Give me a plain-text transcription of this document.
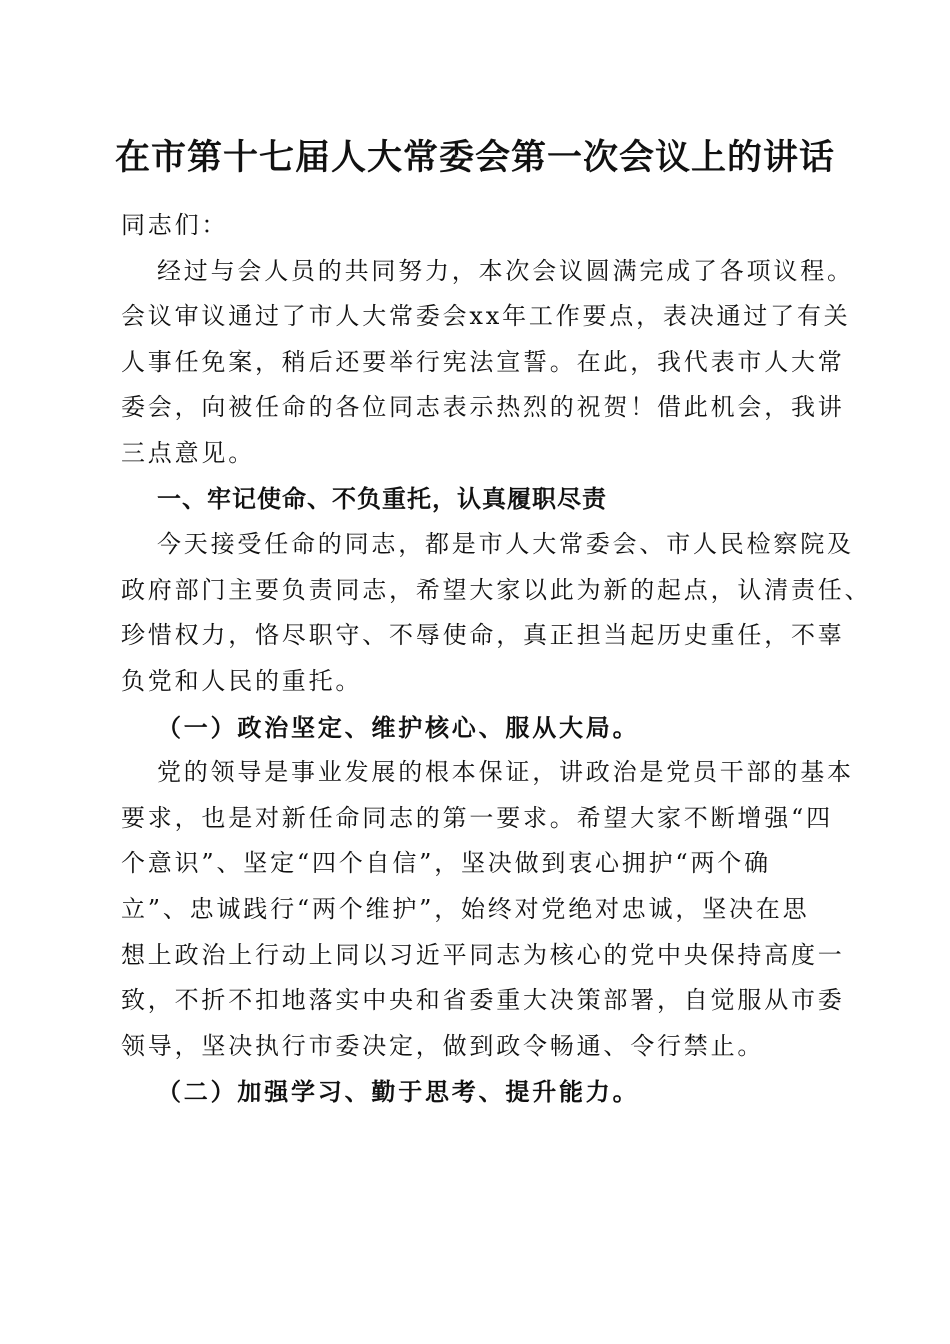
在市第十七届人大常委会第一次会议上的讲话
同志们：
经过与会人员的共同努力，本次会议圆满完成了各项议程。
会议审议通过了市人大常委会xx年工作要点，表决通过了有关
人事任免案，稍后还要举行宪法宣誓。在此，我代表市人大常
委会，向被任命的各位同志表示热烈的祝贺！借此机会，我讲
三点意见。
一、牢记使命、不负重托，认真履职尽责
今天接受任命的同志，都是市人大常委会、市人民检察院及
政府部门主要负责同志，希望大家以此为新的起点，认清责任、
珍惜权力，恪尽职守、不辱使命，真正担当起历史重任，不辜
负党和人民的重托。
（一）政治坚定、维护核心、服从大局。
党的领导是事业发展的根本保证，讲政治是党员干部的基本
要求，也是对新任命同志的第一要求。希望大家不断增强“四
个意识”、坚定“四个自信”，坚决做到衷心拥护“两个确
立”、忠诚践行“两个维护”，始终对党绝对忠诚，坚决在思
想上政治上行动上同以习近平同志为核心的党中央保持高度一
致，不折不扣地落实中央和省委重大决策部署，自觉服从市委
领导，坚决执行市委决定，做到政令畅通、令行禁止。
（二）加强学习、勤于思考、提升能力。
